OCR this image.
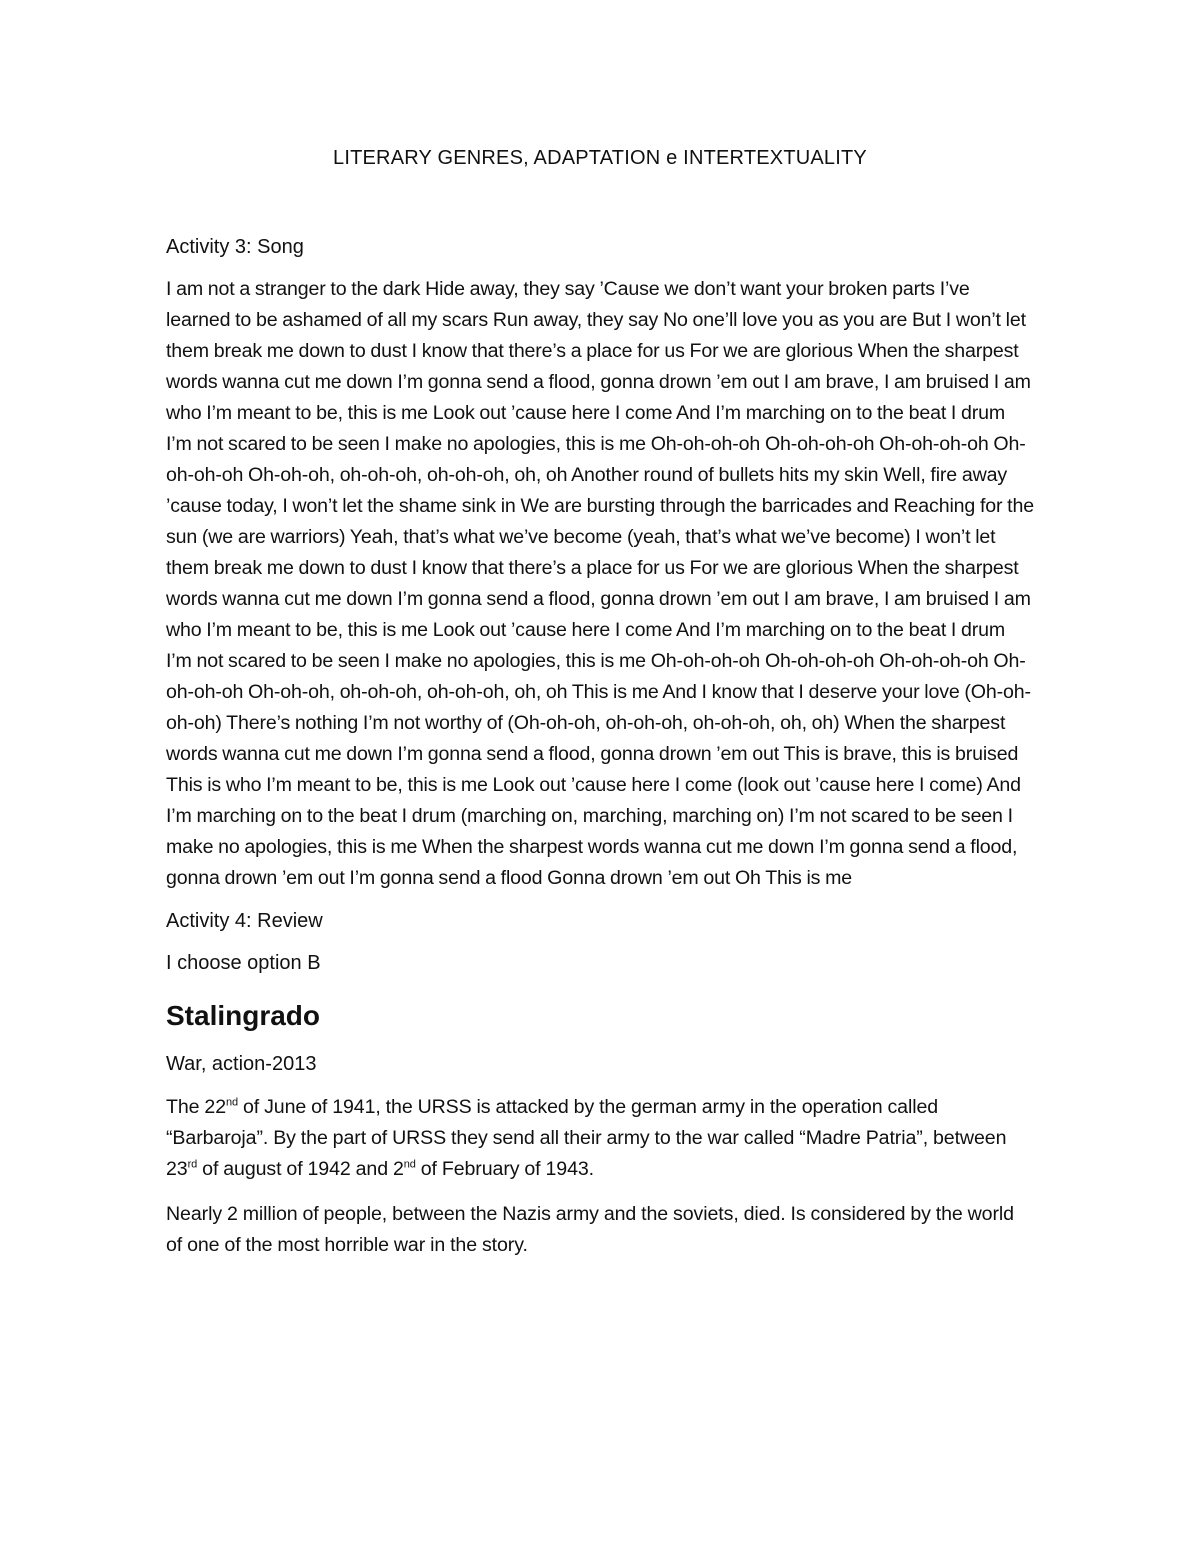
LITERARY GENRES, ADAPTATION e INTERTEXTUALITY
Activity 3: Song
I am not a stranger to the dark Hide away, they say ’Cause we don’t want your broken parts I’ve learned to be ashamed of all my scars Run away, they say No one’ll love you as you are But I won’t let them break me down to dust I know that there’s a place for us For we are glorious When the sharpest words wanna cut me down I’m gonna send a flood, gonna drown ’em out I am brave, I am bruised I am who I’m meant to be, this is me Look out ’cause here I come And I’m marching on to the beat I drum I’m not scared to be seen I make no apologies, this is me Oh-oh-oh-oh Oh-oh-oh-oh Oh-oh-oh-oh Oh-oh-oh-oh Oh-oh-oh, oh-oh-oh, oh-oh-oh, oh, oh Another round of bullets hits my skin Well, fire away ’cause today, I won’t let the shame sink in We are bursting through the barricades and Reaching for the sun (we are warriors) Yeah, that’s what we’ve become (yeah, that’s what we’ve become) I won’t let them break me down to dust I know that there’s a place for us For we are glorious When the sharpest words wanna cut me down I’m gonna send a flood, gonna drown ’em out I am brave, I am bruised I am who I’m meant to be, this is me Look out ’cause here I come And I’m marching on to the beat I drum I’m not scared to be seen I make no apologies, this is me Oh-oh-oh-oh Oh-oh-oh-oh Oh-oh-oh-oh Oh-oh-oh-oh Oh-oh-oh, oh-oh-oh, oh-oh-oh, oh, oh This is me And I know that I deserve your love (Oh-oh-oh-oh) There’s nothing I’m not worthy of (Oh-oh-oh, oh-oh-oh, oh-oh-oh, oh, oh) When the sharpest words wanna cut me down I’m gonna send a flood, gonna drown ’em out This is brave, this is bruised This is who I’m meant to be, this is me Look out ’cause here I come (look out ’cause here I come) And I’m marching on to the beat I drum (marching on, marching, marching on) I’m not scared to be seen I make no apologies, this is me When the sharpest words wanna cut me down I’m gonna send a flood, gonna drown ’em out I’m gonna send a flood Gonna drown ’em out Oh This is me
Activity 4: Review
I choose option B
Stalingrado
War, action-2013
The 22nd of June of 1941, the URSS is attacked by the german army in the operation called “Barbaroja”. By the part of URSS they send all their army to the war called “Madre Patria”, between 23rd of august of 1942 and 2nd of February of 1943.
Nearly 2 million of people, between the Nazis army and the soviets, died. Is considered by the world of one of the most horrible war in the story.
